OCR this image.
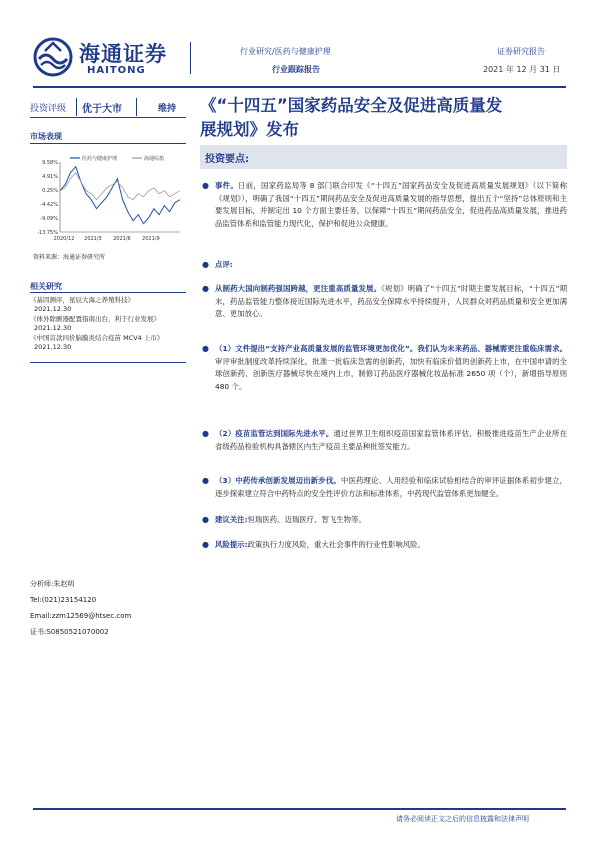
海通证券
HAITONG
行业研究/医药与健康护理
行业跟踪报告
证券研究报告
2021 年 12 月 31 日
投资评级 优于大市	维持 《“十四五”国家药品安全及促进高质量发
展规划》发布
市场表现
9.58%
4.91%
0.25%
-4.42%
-9.09%
-13.75%
2020/12 2021/3 2021/6 2021/9
医药与健康护理	海通综指
资料来源：海通证券研究所
相关研究
《基因测序，星辰大海之养殖科技》
2021.12.30
《体外除颤器配置指南出台，利于行业发展》
2021.12.30
《中国首款四价脑膜炎结合疫苗 MCV4 上市》
2021.12.30
分析师:朱赵明
Tel:(021)23154120
Email:zzm12569@htsec.com
证书:S0850521070002
投资要点:
● 事件。日前，国家药监局等 8 部门联合印发《“十四五”国家药品安全及促进高质量发展规划》（以下简称《规划》），明确了我国“十四五”期间药品安全及促进高质量发展的指导思想，提出五个“坚持”总体原则和主要发展目标，并制定出 10 个方面主要任务，以保障“十四五”期间药品安全，促进药品高质量发展，推进药品监管体系和监管能力现代化，保护和促进公众健康。
● 点评:
● 从制药大国向制药强国跨越，更注重高质量发展。《规划》明确了“十四五”时期主要发展目标，“十四五”期末，药品监管能力整体接近国际先进水平，药品安全保障水平持续提升，人民群众对药品质量和安全更加满意、更加放心。
● （1）文件提出“支持产业高质量发展的监管环境更加优化”。我们认为未来药品、器械需更注重临床需求。审评审批制度改革持续深化，批准一批临床急需的创新药，加快有临床价值的创新药上市，在中国申请的全球创新药、创新医疗器械尽快在境内上市，制修订药品医疗器械化妆品标准 2650 项（个），新增指导原则 480 个。
● （2）疫苗监管达到国际先进水平。通过世界卫生组织疫苗国家监管体系评估，积极推进疫苗生产企业所在省级药品检验机构具备辖区内生产疫苗主要品种批签发能力。
● （3）中药传承创新发展迈出新步伐。中医药理论、人用经验和临床试验相结合的审评证据体系初步建立，逐步探索建立符合中药特点的安全性评价方法和标准体系，中药现代监管体系更加健全。
● 建议关注:恒瑞医药、迈瑞医疗、智飞生物等。
● 风险提示:政策执行力度风险，重大社会事件的行业性影响风险。
请务必阅读正文之后的信息披露和法律声明
